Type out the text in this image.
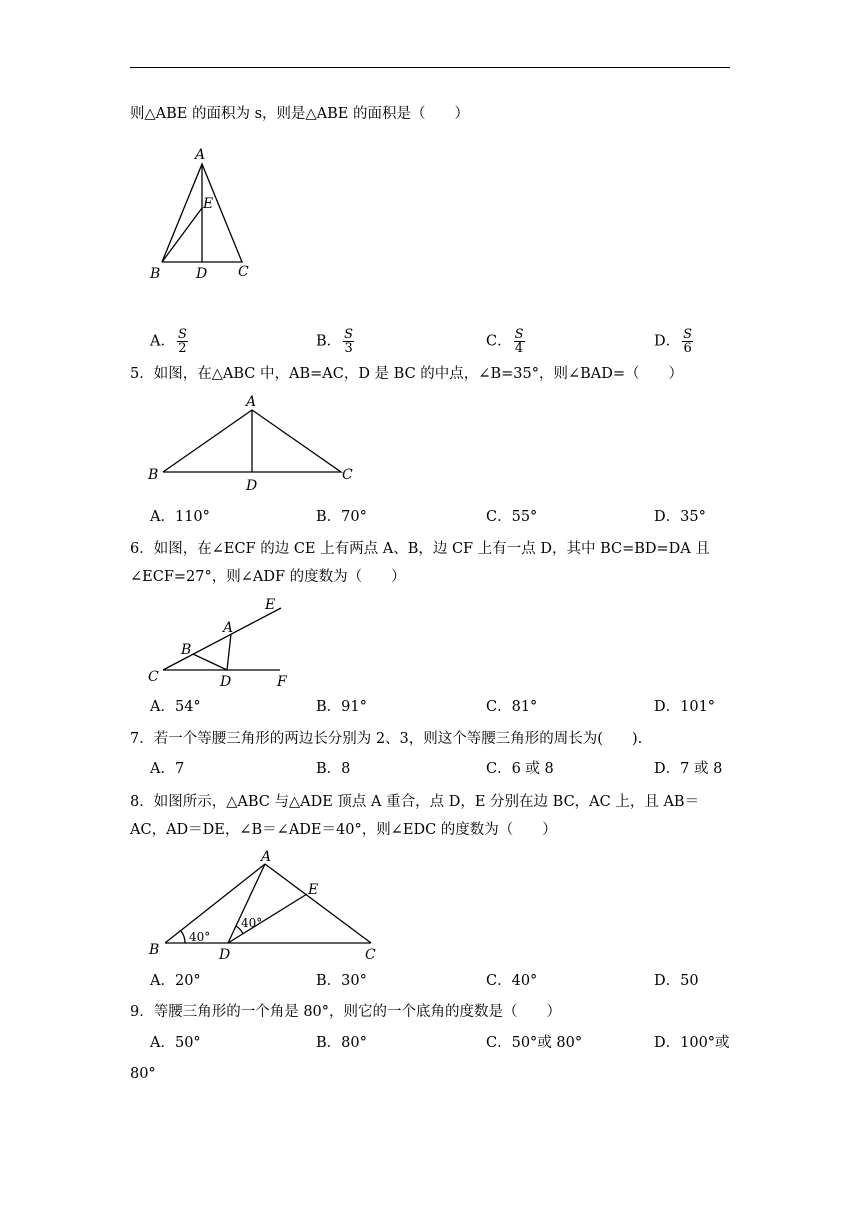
则△ABE 的面积为 s，则是△ABE 的面积是（　　）
A
E
B	D C
A． $\frac{S}{2}$	B． $\frac{S}{3}$	C． $\frac{S}{4}$	D． $\frac{S}{6}$
5．如图，在△ABC 中，AB=AC，D 是 BC 的中点，∠B=35°，则∠BAD=（　　）
A
B
D
C
A．110°	B．70°	C．55°	D．35°
6．如图，在∠ECF 的边 CE 上有两点 A、B，边 CF 上有一点 D，其中 BC=BD=DA 且
∠ECF=27°，则∠ADF 的度数为（　　）
E
A
B
C	D	F
A．54°	B．91°	C．81°	D．101°
7．若一个等腰三角形的两边长分别为 2、3，则这个等腰三角形的周长为(　　).
A．7	B．8	C．6 或 8	D．7 或 8
8．如图所示，△ABC 与△ADE 顶点 A 重合，点 D，E 分别在边 BC，AC 上，且 AB＝
AC，AD＝DE，∠B＝∠ADE＝40°，则∠EDC 的度数为（　　）
A
E
B	D	C
40°
40°
A．20°	B．30°	C．40°	D．50
9．等腰三角形的一个角是 80°，则它的一个底角的度数是（　　）
A．50°	B．80°	C．50°或 80°	D．100°或
80°
